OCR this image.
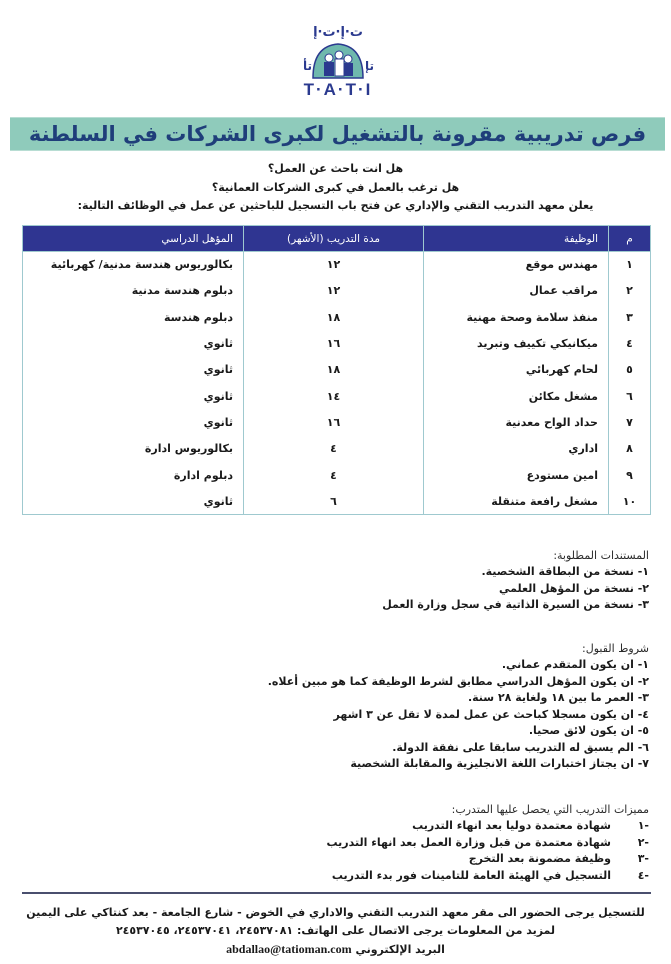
ت·إ·ت·إ
تأ	تإ
T·A·T·I
فرص تدريبية مقرونة بالتشغيل لكبرى الشركات في السلطنة
هل انت باحث عن العمل؟
هل ترغب بالعمل في كبرى الشركات العمانية؟
يعلن معهد التدريب التقني والإداري عن فتح باب التسجيل للباحثين عن عمل في الوظائف التالية:
م	الوظيفة	مدة التدريب (الأشهر)	المؤهل الدراسي
١	مهندس موقع	١٢	بكالوريوس هندسة مدنية/ كهربائية
٢	مراقب عمال	١٢	دبلوم هندسة مدنية
٣	منفذ سلامة وصحة مهنية	١٨	دبلوم هندسة
٤	ميكانيكي تكييف وتبريد	١٦	ثانوي
٥	لحام كهربائي	١٨	ثانوي
٦	مشغل مكائن	١٤	ثانوي
٧	حداد الواح معدنية	١٦	ثانوي
٨	اداري	٤	بكالوريوس ادارة
٩	امين مستودع	٤	دبلوم ادارة
١٠	مشغل رافعة متنقلة	٦	ثانوي
المستندات المطلوبة:
١- نسخة من البطاقة الشخصية.
٢- نسخة من المؤهل العلمي
٣- نسخة من السيرة الذاتية في سجل وزارة العمل
شروط القبول:
١- ان يكون المتقدم عماني.
٢- ان يكون المؤهل الدراسي مطابق لشرط الوظيفة كما هو مبين أعلاه.
٣- العمر ما بين ١٨ ولغاية ٢٨ سنة.
٤- ان يكون مسجلا كباحث عن عمل لمدة لا تقل عن ٣ اشهر
٥- ان يكون لائق صحيا.
٦- الم يسبق له التدريب سابقا على نفقة الدولة.
٧- ان يجتاز اختبارات اللغة الانجليزية والمقابلة الشخصية
مميزات التدريب التي يحصل عليها المتدرب:
-١
شهادة معتمدة دوليا بعد انهاء التدريب
-٢
شهادة معتمدة من قبل وزارة العمل بعد انهاء التدريب
-٣
وظيفة مضمونة بعد التخرج
-٤
التسجيل في الهيئة العامة للتامينات فور بدء التدريب
للتسجيل يرجى الحضور الى مقر معهد التدريب التقني والاداري في الخوض - شارع الجامعة - بعد كنتاكي على اليمين
لمزيد من المعلومات يرجى الاتصال على الهاتف: ٢٤٥٣٧٠٨١، ٢٤٥٣٧٠٤١، ٢٤٥٣٧٠٤٥
البريد الإلكتروني abdallao@tatioman.com
